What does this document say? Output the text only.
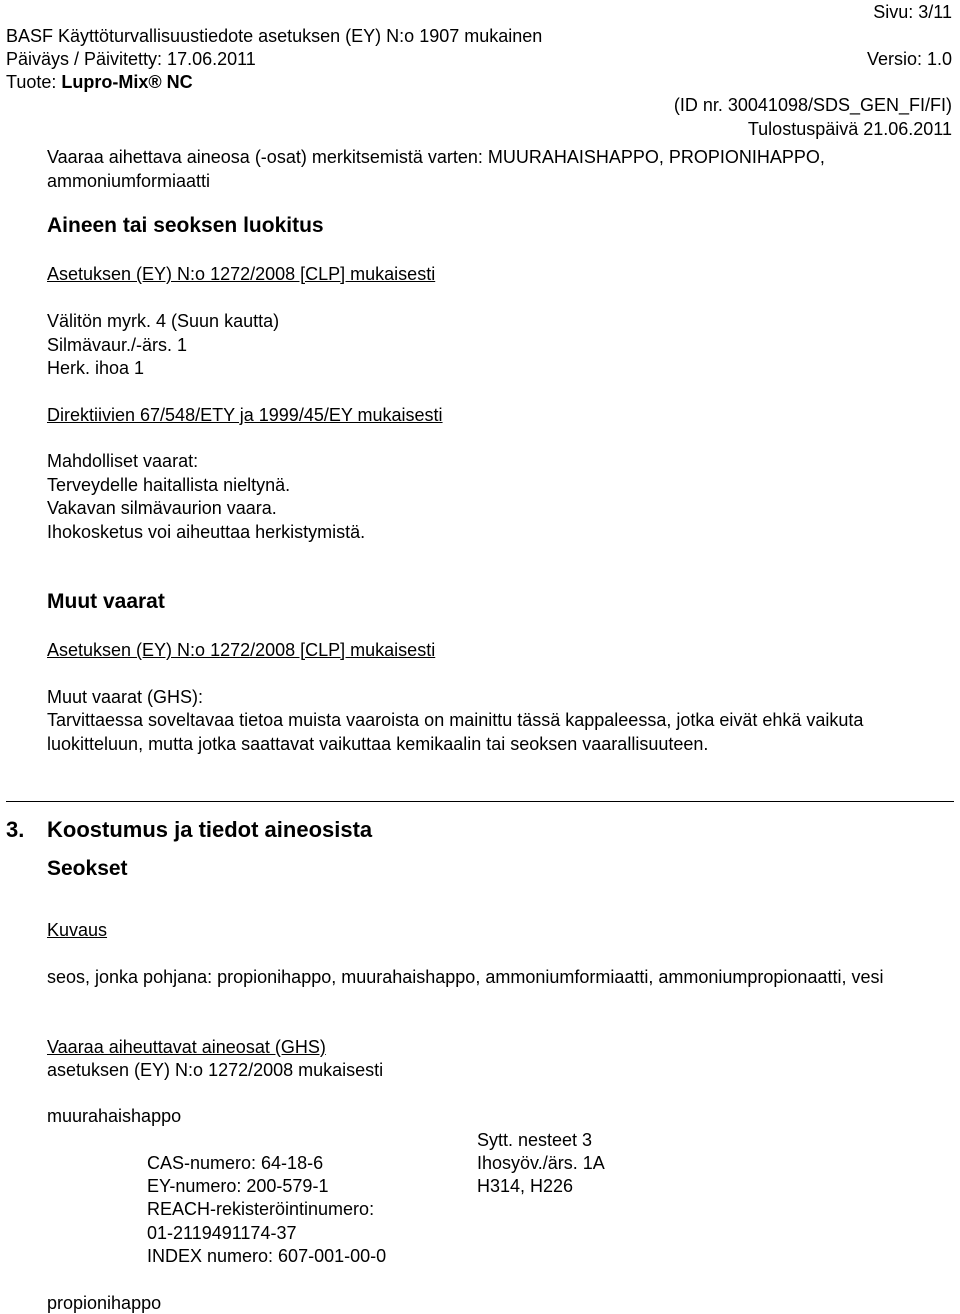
Sivu: 3/11
BASF Käyttöturvallisuustiedote asetuksen (EY) N:o 1907 mukainen
Päiväys / Päivitetty: 17.06.2011	Versio: 1.0
Tuote: Lupro-Mix® NC
(ID nr. 30041098/SDS_GEN_FI/FI)
Tulostuspäivä 21.06.2011
Vaaraa aihettava aineosa (-osat) merkitsemistä varten: MUURAHAISHAPPO, PROPIONIHAPPO, ammoniumformiaatti
Aineen tai seoksen luokitus
Asetuksen (EY) N:o 1272/2008 [CLP] mukaisesti
Välitön myrk. 4 (Suun kautta)
Silmävaur./-ärs. 1
Herk. ihoa 1
Direktiivien 67/548/ETY ja 1999/45/EY mukaisesti
Mahdolliset vaarat:
Terveydelle haitallista nieltynä.
Vakavan silmävaurion vaara.
Ihokosketus voi aiheuttaa herkistymistä.
Muut vaarat
Asetuksen (EY) N:o 1272/2008 [CLP] mukaisesti
Muut vaarat (GHS):
Tarvittaessa soveltavaa tietoa muista vaaroista on mainittu tässä kappaleessa, jotka eivät ehkä vaikuta luokitteluun, mutta jotka saattavat vaikuttaa kemikaalin tai seoksen vaarallisuuteen.
3. Koostumus ja tiedot aineosista
Seokset
Kuvaus
seos, jonka pohjana: propionihappo, muurahaishappo, ammoniumformiaatti, ammoniumpropionaatti, vesi
Vaaraa aiheuttavat aineosat (GHS)
asetuksen (EY) N:o 1272/2008 mukaisesti
muurahaishappo
CAS-numero: 64-18-6
EY-numero: 200-579-1
REACH-rekisteröintinumero:
01-2119491174-37
INDEX numero: 607-001-00-0
Sytt. nesteet 3
Ihosyöv./ärs. 1A
H314, H226
propionihappo
